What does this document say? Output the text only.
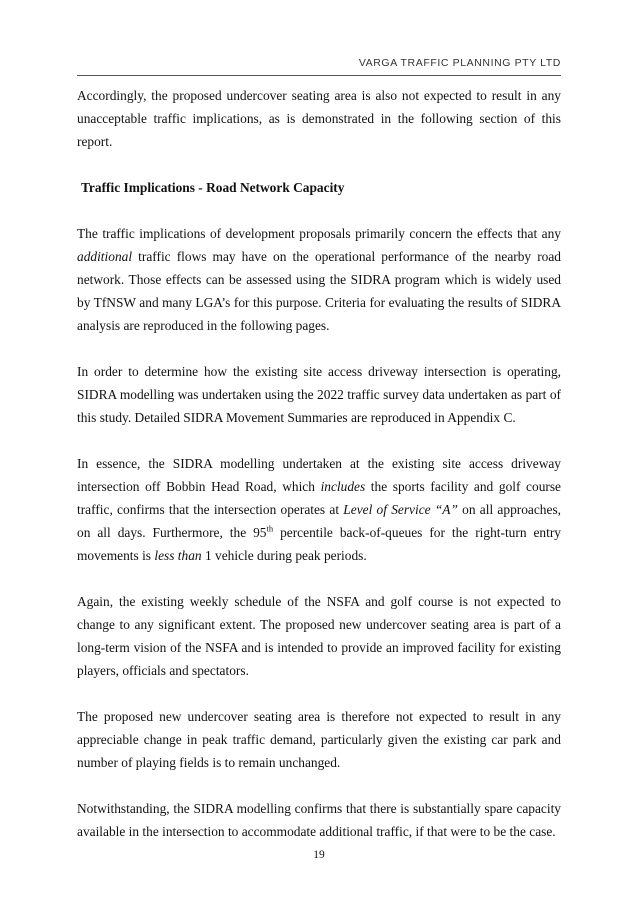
VARGA TRAFFIC PLANNING PTY LTD

Accordingly, the proposed undercover seating area is also not expected to result in any unacceptable traffic implications, as is demonstrated in the following section of this report.

Traffic Implications - Road Network Capacity

The traffic implications of development proposals primarily concern the effects that any additional traffic flows may have on the operational performance of the nearby road network. Those effects can be assessed using the SIDRA program which is widely used by TfNSW and many LGA’s for this purpose. Criteria for evaluating the results of SIDRA analysis are reproduced in the following pages.

In order to determine how the existing site access driveway intersection is operating, SIDRA modelling was undertaken using the 2022 traffic survey data undertaken as part of this study. Detailed SIDRA Movement Summaries are reproduced in Appendix C.

In essence, the SIDRA modelling undertaken at the existing site access driveway intersection off Bobbin Head Road, which includes the sports facility and golf course traffic, confirms that the intersection operates at Level of Service “A” on all approaches, on all days. Furthermore, the 95th percentile back-of-queues for the right-turn entry movements is less than 1 vehicle during peak periods.

Again, the existing weekly schedule of the NSFA and golf course is not expected to change to any significant extent. The proposed new undercover seating area is part of a long-term vision of the NSFA and is intended to provide an improved facility for existing players, officials and spectators.

The proposed new undercover seating area is therefore not expected to result in any appreciable change in peak traffic demand, particularly given the existing car park and number of playing fields is to remain unchanged.

Notwithstanding, the SIDRA modelling confirms that there is substantially spare capacity available in the intersection to accommodate additional traffic, if that were to be the case.

19
